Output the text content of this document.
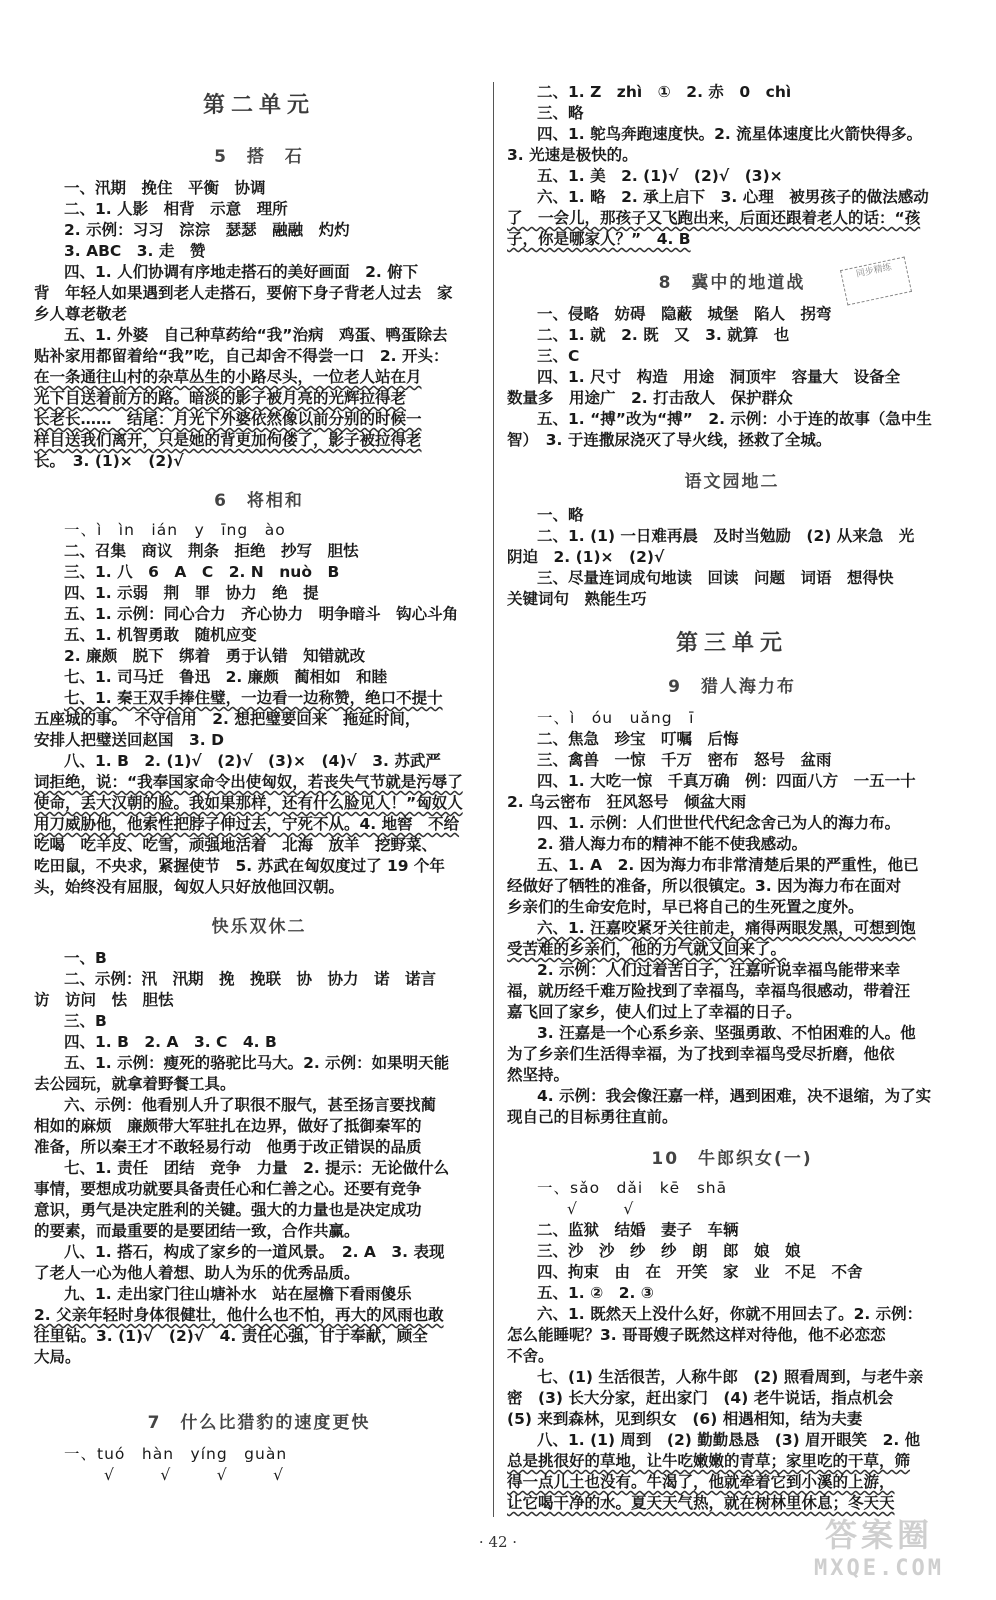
第二单元
5　搭　石
一、汛期　挽住　平衡　协调
二、1. 人影　相背　示意　理所
2. 示例：习习　淙淙　瑟瑟　融融　灼灼
3. ABC　3. 走　赞
四、1. 人们协调有序地走搭石的美好画面　2. 俯下
背　年轻人如果遇到老人走搭石，要俯下身子背老人过去　家
乡人尊老敬老
五、1. 外婆　自己种草药给“我”治病　鸡蛋、鸭蛋除去
贴补家用都留着给“我”吃，自己却舍不得尝一口　2. 开头：
在一条通往山村的杂草丛生的小路尽头，一位老人站在月
光下目送着前方的路。暗淡的影子被月亮的光辉拉得老
长老长……　结尾：月光下外婆依然像以前分别的时候一
样目送我们离开，只是她的背更加佝偻了，影子被拉得老
长。　3. (1)×　(2)√
6　将相和
一、ì　ìn　ián　y　īng　ào
二、召集　商议　荆条　拒绝　抄写　胆怯
三、1. 八　6　A　C　2. N　nuò　B
四、1. 示弱　荆　罪　协力　绝　提
五、1. 示例：同心合力　齐心协力　明争暗斗　钩心斗角
五、1. 机智勇敢　随机应变
2. 廉颇　脱下　绑着　勇于认错　知错就改
七、1. 司马迁　鲁迅　2. 廉颇　蔺相如　和睦
七、1. 秦王双手捧住璧，一边看一边称赞，绝口不提十
五座城的事。　不守信用　2. 想把璧要回来　拖延时间，
安排人把璧送回赵国　3. D
八、1. B　2. (1)√　(2)√　(3)×　(4)√　3. 苏武严
词拒绝，说：“我奉国家命令出使匈奴，若丧失气节就是污辱了
使命，丢大汉朝的脸。我如果那样，还有什么脸见人！”匈奴人
用刀威胁他，他索性把脖子伸过去，宁死不从。4. 地窖　不给
吃喝　吃羊皮、吃雪，顽强地活着　北海　放羊　挖野菜、
吃田鼠，不央求，紧握使节　5. 苏武在匈奴度过了 19 个年
头，始终没有屈服，匈奴人只好放他回汉朝。
快乐双休二
一、B
二、示例：汛　汛期　挽　挽联　协　协力　诺　诺言
访　访问　怯　胆怯
三、B
四、1. B　2. A　3. C　4. B
五、1. 示例：瘦死的骆驼比马大。2. 示例：如果明天能
去公园玩，就拿着野餐工具。
六、示例：他看别人升了职很不服气，甚至扬言要找蔺
相如的麻烦　廉颇带大军驻扎在边界，做好了抵御秦军的
准备，所以秦王才不敢轻易行动　他勇于改正错误的品质
七、1. 责任　团结　竞争　力量　2. 提示：无论做什么
事情，要想成功就要具备责任心和仁善之心。还要有竞争
意识，勇气是决定胜利的关键。强大的力量也是决定成功
的要素，而最重要的是要团结一致，合作共赢。
八、1. 搭石，构成了家乡的一道风景。　2. A　3. 表现
了老人一心为他人着想、助人为乐的优秀品质。
九、1. 走出家门往山塘补水　站在屋檐下看雨傻乐
2. 父亲年轻时身体很健壮，他什么也不怕，再大的风雨也敢
往里钻。3. (1)√　(2)√　4. 责任心强，甘于奉献，顾全
大局。
7　什么比猎豹的速度更快
一、tuó　hàn　yíng　guàn
√　　　√　　　√　　　√
二、1. Z　zhì　①　2. 赤　0　chì
三、略
四、1. 鸵鸟奔跑速度快。2. 流星体速度比火箭快得多。
3. 光速是极快的。
五、1. 美　2. (1)√　(2)√　(3)×
六、1. 略　2. 承上启下　3. 心理　被男孩子的做法感动
了　一会儿，那孩子又飞跑出来，后面还跟着老人的话：“孩
子，你是哪家人？”　4. B
8　冀中的地道战
一、侵略　妨碍　隐蔽　城堡　陷人　拐弯
二、1. 就　2. 既　又　3. 就算　也
三、C
四、1. 尺寸　构造　用途　洞顶牢　容量大　设备全
数量多　用途广　2. 打击敌人　保护群众
五、1. “搏”改为“搏”　2. 示例：小于连的故事（急中生
智）　3. 于连撒尿浇灭了导火线，拯救了全城。
语文园地二
一、略
二、1. (1) 一日难再晨　及时当勉励　(2) 从来急　光
阴迫　2. (1)×　(2)√
三、尽量连词成句地读　回读　问题　词语　想得快
关键词句　熟能生巧
第三单元
9　猎人海力布
一、ì　óu　uǎng　ī
二、焦急　珍宝　叮嘱　后悔
三、禽兽　一惊　千万　密布　怒号　盆雨
四、1. 大吃一惊　千真万确　例：四面八方　一五一十
2. 乌云密布　狂风怒号　倾盆大雨
四、1. 示例：人们世世代代纪念舍己为人的海力布。
2. 猎人海力布的精神不能不使我感动。
五、1. A　2. 因为海力布非常清楚后果的严重性，他已
经做好了牺牲的准备，所以很镇定。3. 因为海力布在面对
乡亲们的生命安危时，早已将自己的生死置之度外。
六、1. 汪嘉咬紧牙关往前走，痛得两眼发黑，可想到饱
受苦难的乡亲们，他的力气就又回来了。
2. 示例：人们过着苦日子，汪嘉听说幸福鸟能带来幸
福，就历经千难万险找到了幸福鸟，幸福鸟很感动，带着汪
嘉飞回了家乡，使人们过上了幸福的日子。
3. 汪嘉是一个心系乡亲、坚强勇敢、不怕困难的人。他
为了乡亲们生活得幸福，为了找到幸福鸟受尽折磨，他依
然坚持。
4. 示例：我会像汪嘉一样，遇到困难，决不退缩，为了实
现自己的目标勇往直前。
10　牛郎织女(一)
一、sǎo　dǎi　kē　shā
√　　　√
二、监狱　结婚　妻子　车辆
三、沙　沙　纱　纱　朗　郎　娘　娘
四、拘束　由　在　开笑　家　业　不足　不舍
五、1. ②　2. ③
六、1. 既然天上没什么好，你就不用回去了。2. 示例：
怎么能睡呢？3. 哥哥嫂子既然这样对待他，他不必恋恋
不舍。
七、(1) 生活很苦，人称牛郎　(2) 照看周到，与老牛亲
密　(3) 长大分家，赶出家门　(4) 老牛说话，指点机会
(5) 来到森林，见到织女　(6) 相遇相知，结为夫妻
八、1. (1) 周到　(2) 勤勤恳恳　(3) 眉开眼笑　2. 他
总是挑很好的草地，让牛吃嫩嫩的青草；家里吃的干草，筛
得一点儿土也没有。牛渴了，他就牵着它到小溪的上游，
让它喝干净的水。夏天天气热，就在树林里休息；冬天天
同步精练
· 42 ·	答案圈
MXQE.COM
